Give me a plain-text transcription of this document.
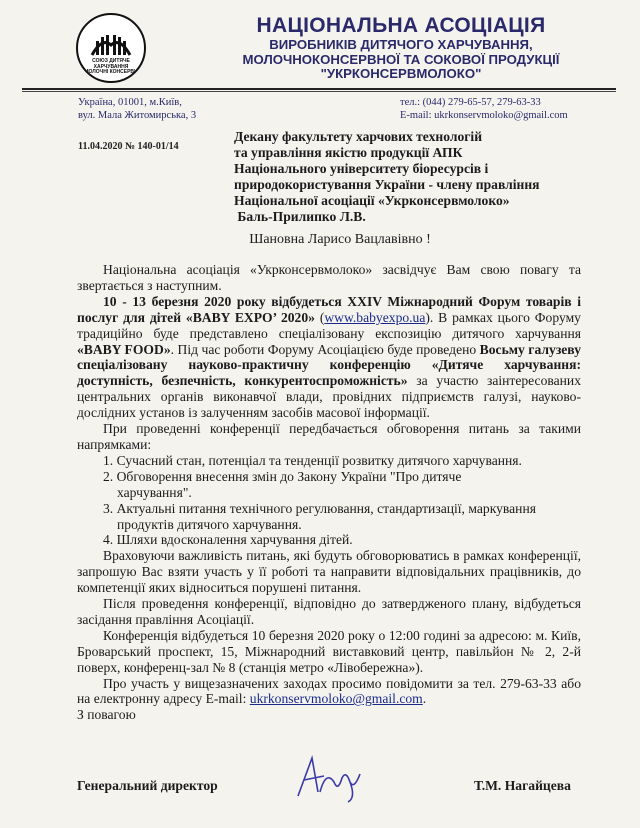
СОЮЗ ДИТЯЧЕ ХАРЧУВАННЯ МОЛОЧНІ КОНСЕРВИ
НАЦІОНАЛЬНА АСОЦІАЦІЯ
ВИРОБНИКІВ ДИТЯЧОГО ХАРЧУВАННЯ,
МОЛОЧНОКОНСЕРВНОЇ ТА СОКОВОЇ ПРОДУКЦІЇ
"УКРКОНСЕРВМОЛОКО"
Україна, 01001, м.Київ,
вул. Мала Житомирська, 3
тел.: (044) 279-65-57, 279-63-33
E-mail: ukrkonservmoloko@gmail.com
11.04.2020 № 140-01/14
Декану факультету харчових технологій
та управління якістю продукції АПК
Національного університету біоресурсів і
природокористування України - члену правління
Національної асоціації «Укрконсервмолоко»
Баль-Прилипко Л.В.
Шановна Ларисо Вацлавівно !

Національна асоціація «Укрконсервмолоко» засвідчує Вам свою повагу та звертається з наступним.

10 - 13 березня 2020 року відбудеться XXIV Міжнародний Форум товарів і послуг для дітей «BABY EXPO’ 2020» (www.babyexpo.ua). В рамках цього Форуму традиційно буде представлено спеціалізовану експозицію дитячого харчування «BABY FOOD». Під час роботи Форуму Асоціацією буде проведено Восьму галузеву спеціалізовану науково-практичну конференцію «Дитяче харчування: доступність, безпечність, конкурентоспроможність» за участю заінтересованих центральних органів виконавчої влади, провідних підприємств галузі, науково-дослідних установ із залученням засобів масової інформації.

При проведенні конференції передбачається обговорення питань за такими напрямками:

1. Сучасний стан, потенціал та тенденції розвитку дитячого харчування.

2. Обговорення внесення змін до Закону України "Про дитяче

харчування".

3. Актуальні питання технічного регулювання, стандартизації, маркування

продуктів дитячого харчування.

4. Шляхи вдосконалення харчування дітей.

Враховуючи важливість питань, які будуть обговорюватись в рамках конференції, запрошую Вас взяти участь у її роботі та направити відповідальних працівників, до компетенції яких відноситься порушені питання.

Після проведення конференції, відповідно до затвердженого плану, відбудеться засідання правління Асоціації.

Конференція відбудеться 10 березня 2020 року о 12:00 годині за адресою: м. Київ, Броварський проспект, 15, Міжнародний виставковий центр, павільйон № 2, 2-й поверх, конференц-зал № 8 (станція метро «Лівобережна»).

Про участь у вищезазначених заходах просимо повідомити за тел. 279-63-33 або на електронну адресу E-mail: ukrkonservmoloko@gmail.com.

З повагою

Генеральний директор	Т.М. Нагайцева
